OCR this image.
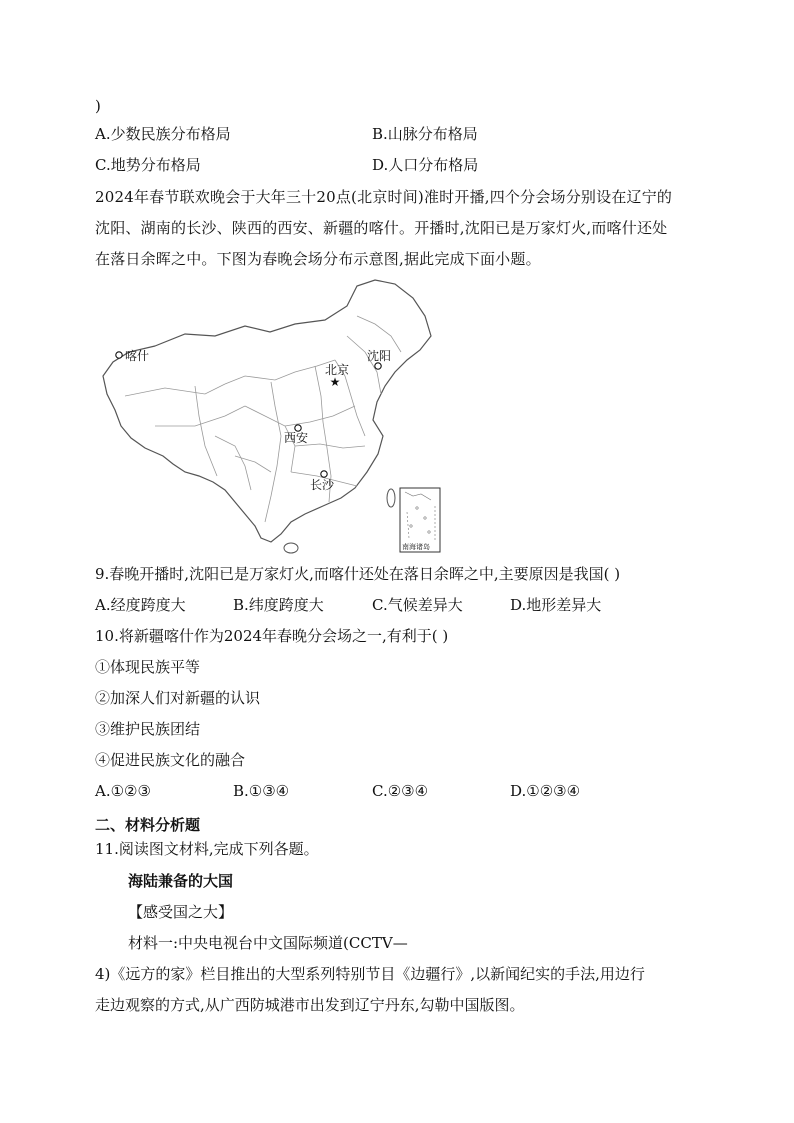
)
A.少数民族分布格局	B.山脉分布格局
C.地势分布格局	D.人口分布格局
2024年春节联欢晚会于大年三十20点(北京时间)准时开播,四个分会场分别设在辽宁的
沈阳、湖南的长沙、陕西的西安、新疆的喀什。开播时,沈阳已是万家灯火,而喀什还处
在落日余晖之中。下图为春晚会场分布示意图,据此完成下面小题。
南海诸岛
喀什
★
北京
沈阳
西安
长沙
9.春晚开播时,沈阳已是万家灯火,而喀什还处在落日余晖之中,主要原因是我国( )
A.经度跨度大	B.纬度跨度大	C.气候差异大	D.地形差异大
10.将新疆喀什作为2024年春晚分会场之一,有利于( )
①体现民族平等
②加深人们对新疆的认识
③维护民族团结
④促进民族文化的融合
A.①②③	B.①③④	C.②③④	D.①②③④
二、材料分析题
11.阅读图文材料,完成下列各题。
海陆兼备的大国
【感受国之大】
材料一:中央电视台中文国际频道(CCTV—
4)《远方的家》栏目推出的大型系列特别节目《边疆行》,以新闻纪实的手法,用边行
走边观察的方式,从广西防城港市出发到辽宁丹东,勾勒中国版图。
